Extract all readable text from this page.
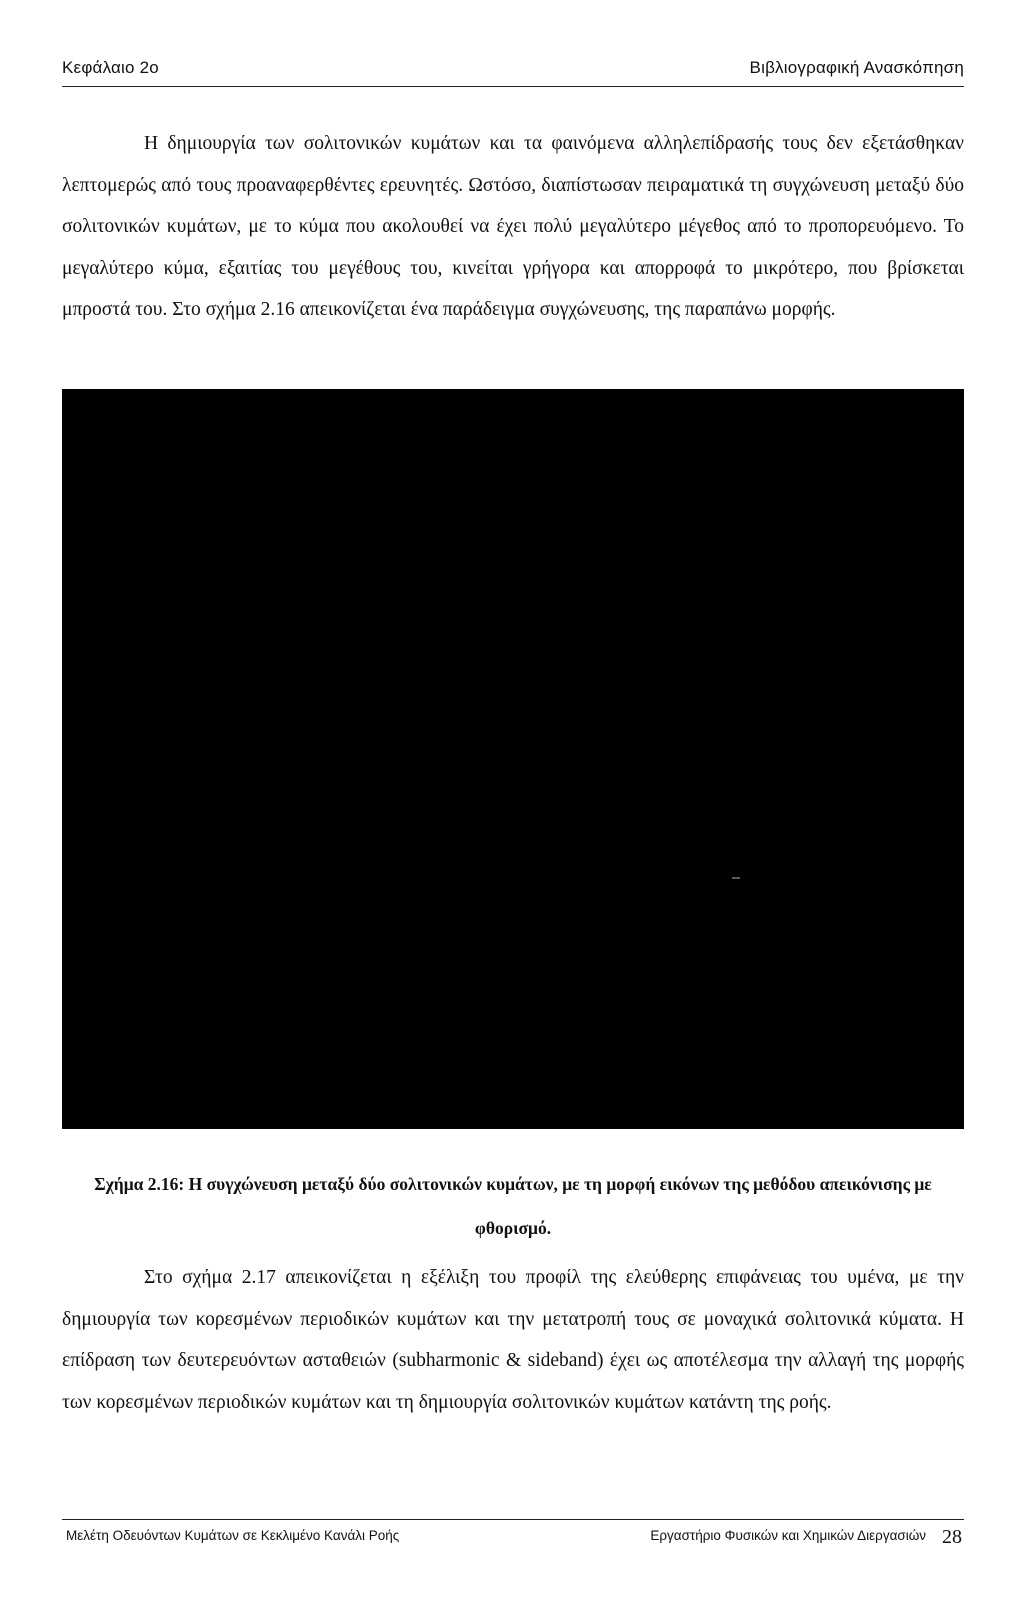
Κεφάλαιο 2ο	Βιβλιογραφική Ανασκόπηση

Η δημιουργία των σολιτονικών κυμάτων και τα φαινόμενα αλληλεπίδρασής τους δεν εξετάσθηκαν λεπτομερώς από τους προαναφερθέντες ερευνητές. Ωστόσο, διαπίστωσαν πειραματικά τη συγχώνευση μεταξύ δύο σολιτονικών κυμάτων, με το κύμα που ακολουθεί να έχει πολύ μεγαλύτερο μέγεθος από το προπορευόμενο. Το μεγαλύτερο κύμα, εξαιτίας του μεγέθους του, κινείται γρήγορα και απορροφά το μικρότερο, που βρίσκεται μπροστά του. Στο σχήμα 2.16 απεικονίζεται ένα παράδειγμα συγχώνευσης, της παραπάνω μορφής.

Σχήμα 2.16: Η συγχώνευση μεταξύ δύο σολιτονικών κυμάτων, με τη μορφή εικόνων της μεθόδου απεικόνισης με φθορισμό.

Στο σχήμα 2.17 απεικονίζεται η εξέλιξη του προφίλ της ελεύθερης επιφάνειας του υμένα, με την δημιουργία των κορεσμένων περιοδικών κυμάτων και την μετατροπή τους σε μοναχικά σολιτονικά κύματα. Η επίδραση των δευτερευόντων ασταθειών (subharmonic & sideband) έχει ως αποτέλεσμα την αλλαγή της μορφής των κορεσμένων περιοδικών κυμάτων και τη δημιουργία σολιτονικών κυμάτων κατάντη της ροής.

Μελέτη Οδευόντων Κυμάτων σε Κεκλιμένο Κανάλι Ροής	Εργαστήριο Φυσικών και Χημικών Διεργασιών 28
